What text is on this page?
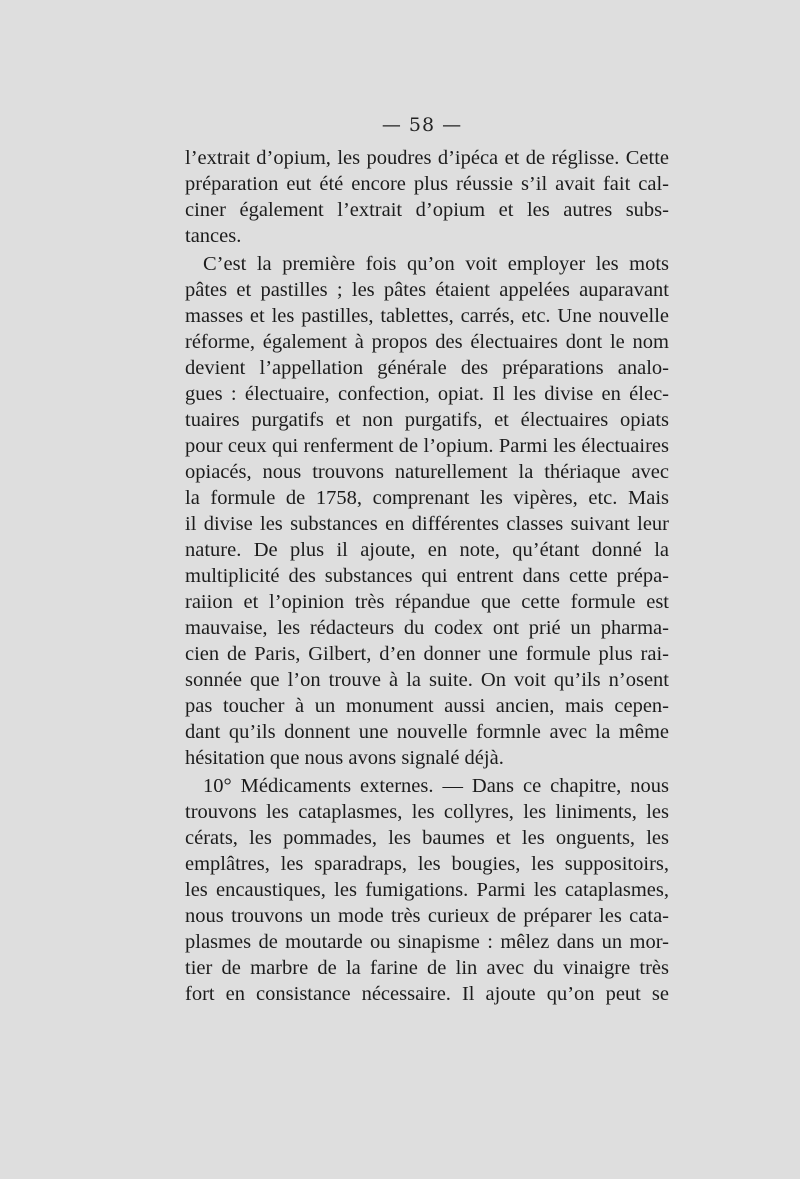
— 58 —
l’extrait d’opium, les poudres d’ipéca et de réglisse. Cette
préparation eut été encore plus réussie s’il avait fait cal-
ciner également l’extrait d’opium et les autres subs-
tances.
C’est la première fois qu’on voit employer les mots
pâtes et pastilles ; les pâtes étaient appelées auparavant
masses et les pastilles, tablettes, carrés, etc. Une nouvelle
réforme, également à propos des électuaires dont le nom
devient l’appellation générale des préparations analo-
gues : électuaire, confection, opiat. Il les divise en élec-
tuaires purgatifs et non purgatifs, et électuaires opiats
pour ceux qui renferment de l’opium. Parmi les électuaires
opiacés, nous trouvons naturellement la thériaque avec
la formule de 1758, comprenant les vipères, etc. Mais
il divise les substances en différentes classes suivant leur
nature. De plus il ajoute, en note, qu’étant donné la
multiplicité des substances qui entrent dans cette prépa-
raiion et l’opinion très répandue que cette formule est
mauvaise, les rédacteurs du codex ont prié un pharma-
cien de Paris, Gilbert, d’en donner une formule plus rai-
sonnée que l’on trouve à la suite. On voit qu’ils n’osent
pas toucher à un monument aussi ancien, mais cepen-
dant qu’ils donnent une nouvelle formnle avec la même
hésitation que nous avons signalé déjà.
10° Médicaments externes. — Dans ce chapitre, nous
trouvons les cataplasmes, les collyres, les liniments, les
cérats, les pommades, les baumes et les onguents, les
emplâtres, les sparadraps, les bougies, les suppositoirs,
les encaustiques, les fumigations. Parmi les cataplasmes,
nous trouvons un mode très curieux de préparer les cata-
plasmes de moutarde ou sinapisme : mêlez dans un mor-
tier de marbre de la farine de lin avec du vinaigre très
fort en consistance nécessaire. Il ajoute qu’on peut se
